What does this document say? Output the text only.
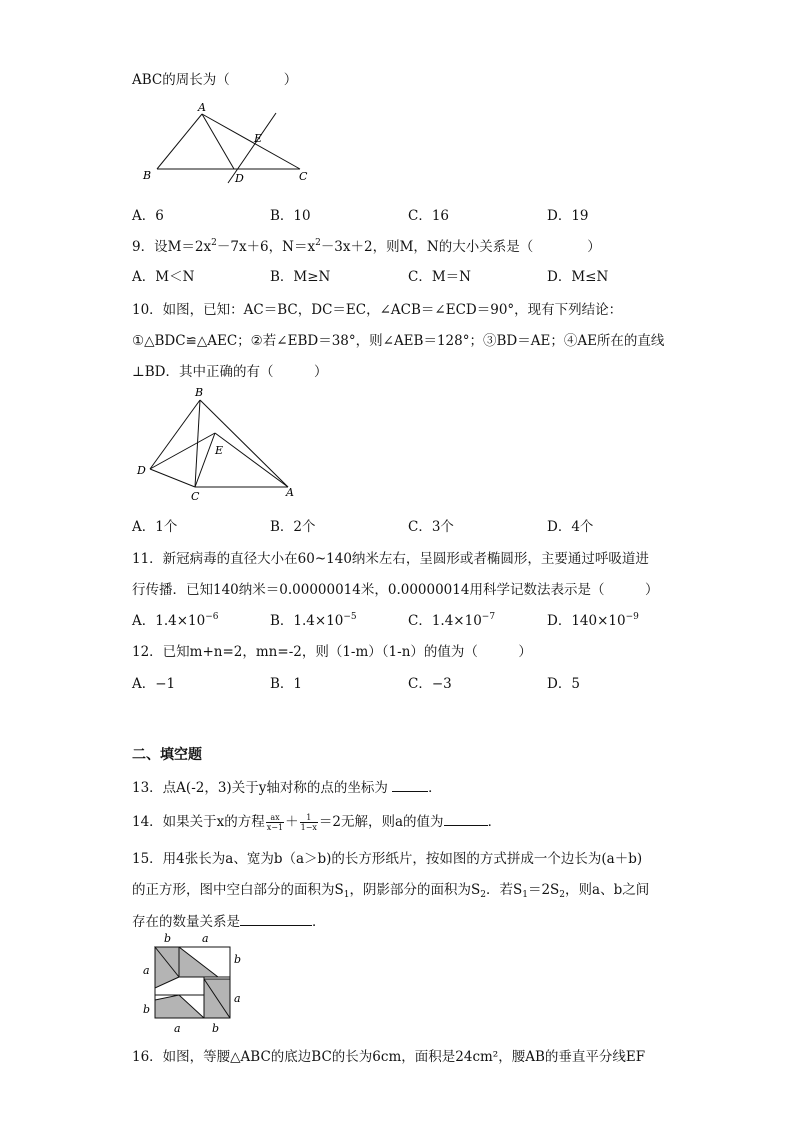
ABC的周长为（　　　　）
A
B	C
D
E
A．6	B．10	C．16	D．19
9．设$M=2x^2-7x+6$，$N=x^2-3x+2$，则M，N的大小关系是（　　　　）
A．M＜N	B．M≥N	C．M＝N	D．M≤N
10．如图，已知：AC＝BC，DC＝EC，∠ACB＝∠ECD＝90°，现有下列结论：
①△BDC≌△AEC；②若∠EBD＝38°，则∠AEB＝128°；③BD＝AE；④AE所在的直线
⊥BD．其中正确的有（　　　）
B
D
C	A
E
A．1个	B．2个	C．3个	D．4个
11．新冠病毒的直径大小在60~140纳米左右，呈圆形或者椭圆形，主要通过呼吸道进
行传播．已知140纳米＝0.00000014米，0.00000014用科学记数法表示是（　　　）
A．$1.4\times 10^{-6}$	B．$1.4\times 10^{-5}$	C．$1.4\times 10^{-7}$	D．$140\times 10^{-9}$
12．已知m+n=2，mn=-2，则（1-m）（1-n）的值为（　　　）
A．−1	B．1	C．−3	D．5
二、填空题
13．点A(-2，3)关于y轴对称的点的坐标为	．
14．如果关于x的方程 $\frac{ax}{x-1} + \frac{1}{1-x} =2$无解，则a的值为	．
15．用4张长为a、宽为b（a＞b)的长方形纸片，按如图的方式拼成一个边长为(a＋b)
的正方形，图中空白部分的面积为$S_1$，阴影部分的面积为$S_2$．若$S_1=2S_2$，则a、b之间
存在的数量关系是	．
b	a
b
a
a
b
a	b
16．如图，等腰△ABC的底边BC的长为6cm，面积是24cm²，腰AB的垂直平分线EF
